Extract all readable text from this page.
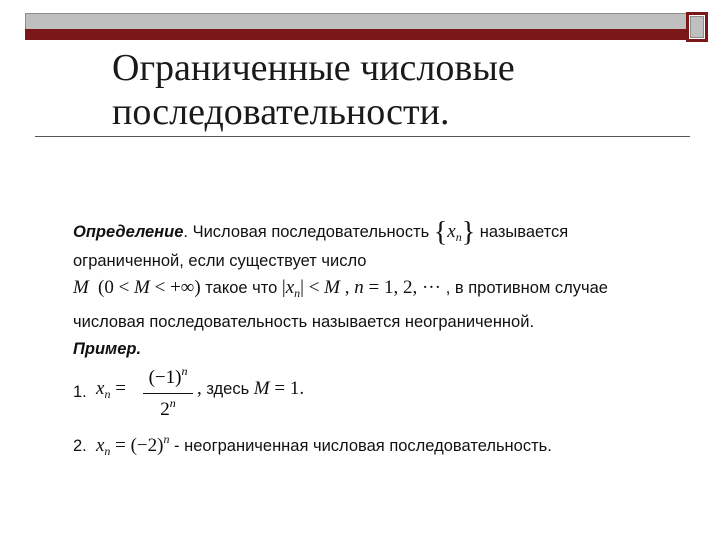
Ограниченные числовые
последовательности.
Определение. Числовая последовательность $\{x_n\}$ называется
ограниченной, если существует число
M (0 < M < +∞) такое что $|x_n| < M$ , n = 1, 2, ··· , в противном случае
числовая последовательность называется неограниченной.
Пример.
1. $x_n$ =
$(-1)^n$
2$^n$
, здесь M = 1.
2. $x_n = (-2)^n$ - неограниченная числовая последовательность.
